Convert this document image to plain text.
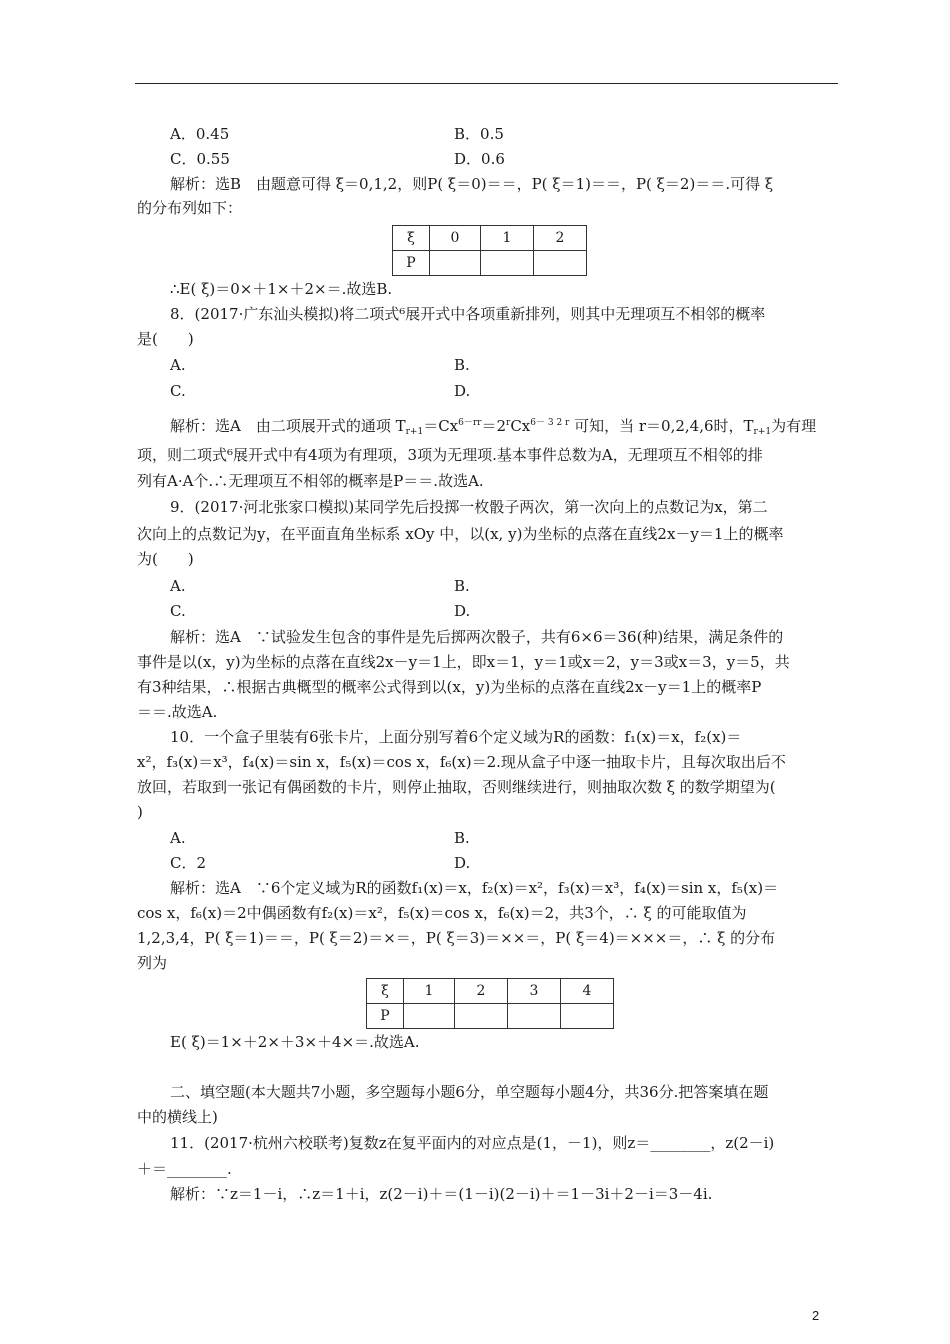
A．0.45	B．0.5
C．0.55	D．0.6
解析：选B　由题意可得 ξ＝0,1,2，则P( ξ＝0)＝＝，P( ξ＝1)＝＝，P( ξ＝2)＝＝.可得 ξ
的分布列如下：
ξ	0	1	2
P			
∴E( ξ)＝0×＋1×＋2×＝.故选B.
8．(2017·广东汕头模拟)将二项式⁶展开式中各项重新排列，则其中无理项互不相邻的概率
是(　　)
A.	B.
C.	D.
解析：选A　由二项展开式的通项 $T_{r+1}=Cx^{6-rr}=2^rCx^{6- 3 2 r}$ 可知，当 r＝0,2,4,6时，$T_{r+1}$为有理
项，则二项式⁶展开式中有4项为有理项，3项为无理项.基本事件总数为A，无理项互不相邻的排
列有A·A个.∴无理项互不相邻的概率是P＝＝.故选A.
9．(2017·河北张家口模拟)某同学先后投掷一枚骰子两次，第一次向上的点数记为x，第二
次向上的点数记为y，在平面直角坐标系 xOy 中，以(x, y)为坐标的点落在直线2x－y＝1上的概率
为(　　)
A.	B.
C.	D.
解析：选A　∵试验发生包含的事件是先后掷两次骰子，共有6×6＝36(种)结果，满足条件的
事件是以(x，y)为坐标的点落在直线2x－y＝1上，即x＝1，y＝1或x＝2，y＝3或x＝3，y＝5，共
有3种结果，∴根据古典概型的概率公式得到以(x，y)为坐标的点落在直线2x－y＝1上的概率P
＝＝.故选A.
10．一个盒子里装有6张卡片，上面分别写着6个定义域为R的函数：f₁(x)＝x，f₂(x)＝
x²，f₃(x)＝x³，f₄(x)＝sin x，f₅(x)＝cos x，f₆(x)＝2.现从盒子中逐一抽取卡片，且每次取出后不
放回，若取到一张记有偶函数的卡片，则停止抽取，否则继续进行，则抽取次数 ξ 的数学期望为(
)
A.	B.
C．2	D.
解析：选A　∵6个定义域为R的函数f₁(x)＝x，f₂(x)＝x²，f₃(x)＝x³，f₄(x)＝sin x，f₅(x)＝
cos x，f₆(x)＝2中偶函数有f₂(x)＝x²，f₅(x)＝cos x，f₆(x)＝2，共3个，∴ ξ 的可能取值为
1,2,3,4，P( ξ＝1)＝＝，P( ξ＝2)＝×＝，P( ξ＝3)＝××＝，P( ξ＝4)＝×××＝，∴ ξ 的分布
列为
ξ	1	2	3	4
P				
E( ξ)＝1×＋2×＋3×＋4×＝.故选A.
二、填空题(本大题共7小题，多空题每小题6分，单空题每小题4分，共36分.把答案填在题
中的横线上)
11．(2017·杭州六校联考)复数z在复平面内的对应点是(1，－1)，则z＝________，z(2－i)
＋＝________.
解析：∵z＝1－i，∴z＝1＋i，z(2－i)＋＝(1－i)(2－i)＋＝1－3i＋2－i＝3－4i.
2
